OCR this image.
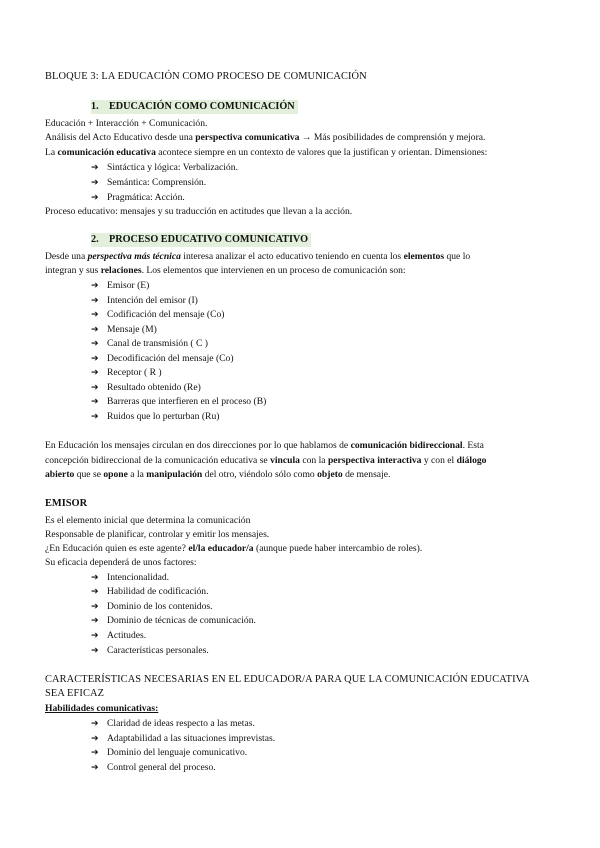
BLOQUE 3: LA EDUCACIÓN COMO PROCESO DE COMUNICACIÓN
1. EDUCACIÓN COMO COMUNICACIÓN
Educación + Interacción + Comunicación.
Análisis del Acto Educativo desde una perspectiva comunicativa → Más posibilidades de comprensión y mejora.
La comunicación educativa acontece siempre en un contexto de valores que la justifican y orientan. Dimensiones:
➔ Sintáctica y lógica: Verbalización.
➔ Semántica: Comprensión.
➔ Pragmática: Acción.
Proceso educativo: mensajes y su traducción en actitudes que llevan a la acción.
2. PROCESO EDUCATIVO COMUNICATIVO
Desde una perspectiva más técnica interesa analizar el acto educativo teniendo en cuenta los elementos que lo
integran y sus relaciones. Los elementos que intervienen en un proceso de comunicación son:
➔ Emisor (E)
➔ Intención del emisor (I)
➔ Codificación del mensaje (Co)
➔ Mensaje (M)
➔ Canal de transmisión ( C )
➔ Decodificación del mensaje (Co)
➔ Receptor ( R )
➔ Resultado obtenido (Re)
➔ Barreras que interfieren en el proceso (B)
➔ Ruidos que lo perturban (Ru)
En Educación los mensajes circulan en dos direcciones por lo que hablamos de comunicación bidireccional. Esta
concepción bidireccional de la comunicación educativa se vincula con la perspectiva interactiva y con el diálogo
abierto que se opone a la manipulación del otro, viéndolo sólo como objeto de mensaje.
EMISOR
Es el elemento inicial que determina la comunicación
Responsable de planificar, controlar y emitir los mensajes.
¿En Educación quien es este agente? el/la educador/a (aunque puede haber intercambio de roles).
Su eficacia dependerá de unos factores:
➔ Intencionalidad.
➔ Habilidad de codificación.
➔ Dominio de los contenidos.
➔ Dominio de técnicas de comunicación.
➔ Actitudes.
➔ Características personales.
CARACTERÍSTICAS NECESARIAS EN EL EDUCADOR/A PARA QUE LA COMUNICACIÓN EDUCATIVA
SEA EFICAZ
Habilidades comunicativas:
➔ Claridad de ideas respecto a las metas.
➔ Adaptabilidad a las situaciones imprevistas.
➔ Dominio del lenguaje comunicativo.
➔ Control general del proceso.
